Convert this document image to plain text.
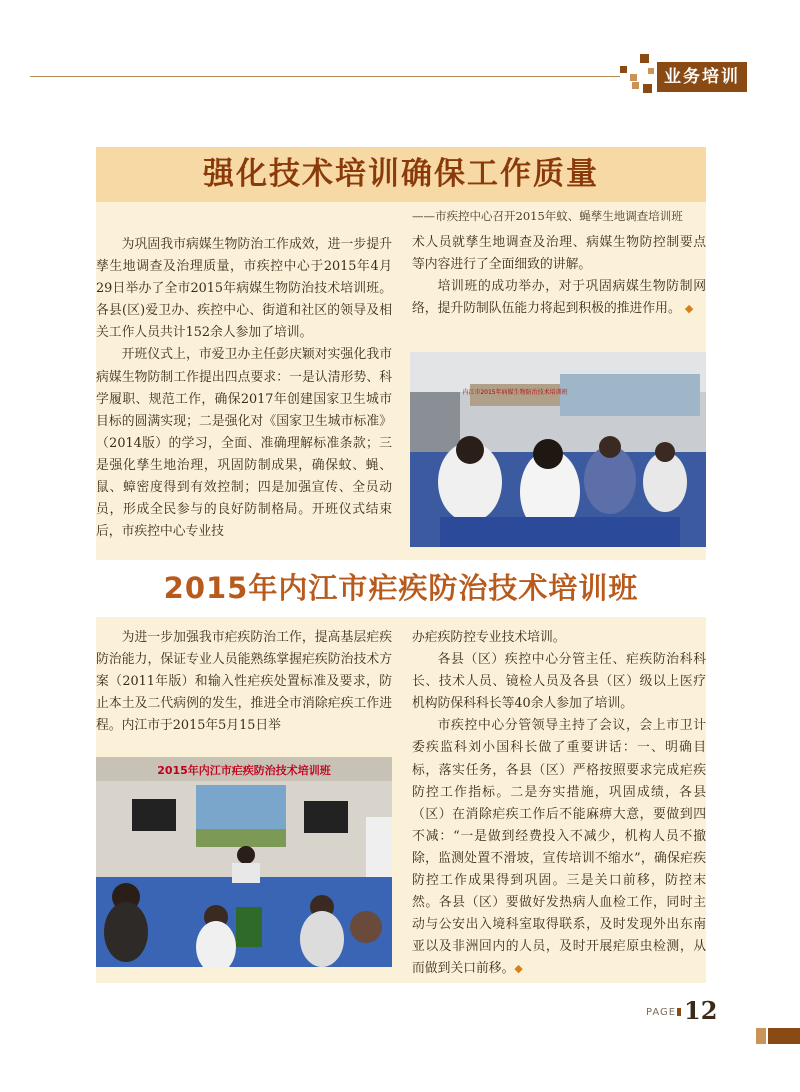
业务培训
强化技术培训确保工作质量
——市疾控中心召开2015年蚊、蝇孳生地调查培训班

为巩固我市病媒生物防治工作成效，进一步提升孳生地调查及治理质量，市疾控中心于2015年4月29日举办了全市2015年病媒生物防治技术培训班。各县(区)爱卫办、疾控中心、街道和社区的领导及相关工作人员共计152余人参加了培训。

开班仪式上，市爱卫办主任彭庆颖对实强化我市病媒生物防制工作提出四点要求：一是认清形势、科学履职、规范工作，确保2017年创建国家卫生城市目标的圆满实现；二是强化对《国家卫生城市标准》（2014版）的学习，全面、准确理解标准条款；三是强化孳生地治理，巩固防制成果，确保蚊、蝇、鼠、蟑密度得到有效控制；四是加强宣传、全员动员，形成全民参与的良好防制格局。开班仪式结束后，市疾控中心专业技

术人员就孳生地调查及治理、病媒生物防控制要点等内容进行了全面细致的讲解。

培训班的成功举办，对于巩固病媒生物防制网络，提升防制队伍能力将起到积极的推进作用。 ◆

内江市2015年病媒生物防治技术培训班
2015年内江市疟疾防治技术培训班

为进一步加强我市疟疾防治工作，提高基层疟疾防治能力，保证专业人员能熟练掌握疟疾防治技术方案（2011年版）和输入性疟疾处置标准及要求，防止本土及二代病例的发生，推进全市消除疟疾工作进程。内江市于2015年5月15日举

2015年内江市疟疾防治技术培训班

办疟疾防控专业技术培训。

各县（区）疾控中心分管主任、疟疾防治科科长、技术人员、镜检人员及各县（区）级以上医疗机构防保科科长等40余人参加了培训。

市疾控中心分管领导主持了会议，会上市卫计委疾监科刘小国科长做了重要讲话：一、明确目标，落实任务，各县（区）严格按照要求完成疟疾防控工作指标。二是夯实措施，巩固成绩，各县（区）在消除疟疾工作后不能麻痹大意，要做到四不减：“一是做到经费投入不减少，机构人员不撤除，监测处置不滑坡，宣传培训不缩水”，确保疟疾防控工作成果得到巩固。三是关口前移，防控末然。各县（区）要做好发热病人血检工作，同时主动与公安出入境科室取得联系，及时发现外出东南亚以及非洲回内的人员，及时开展疟原虫检测，从而做到关口前移。◆

PAGE 12
